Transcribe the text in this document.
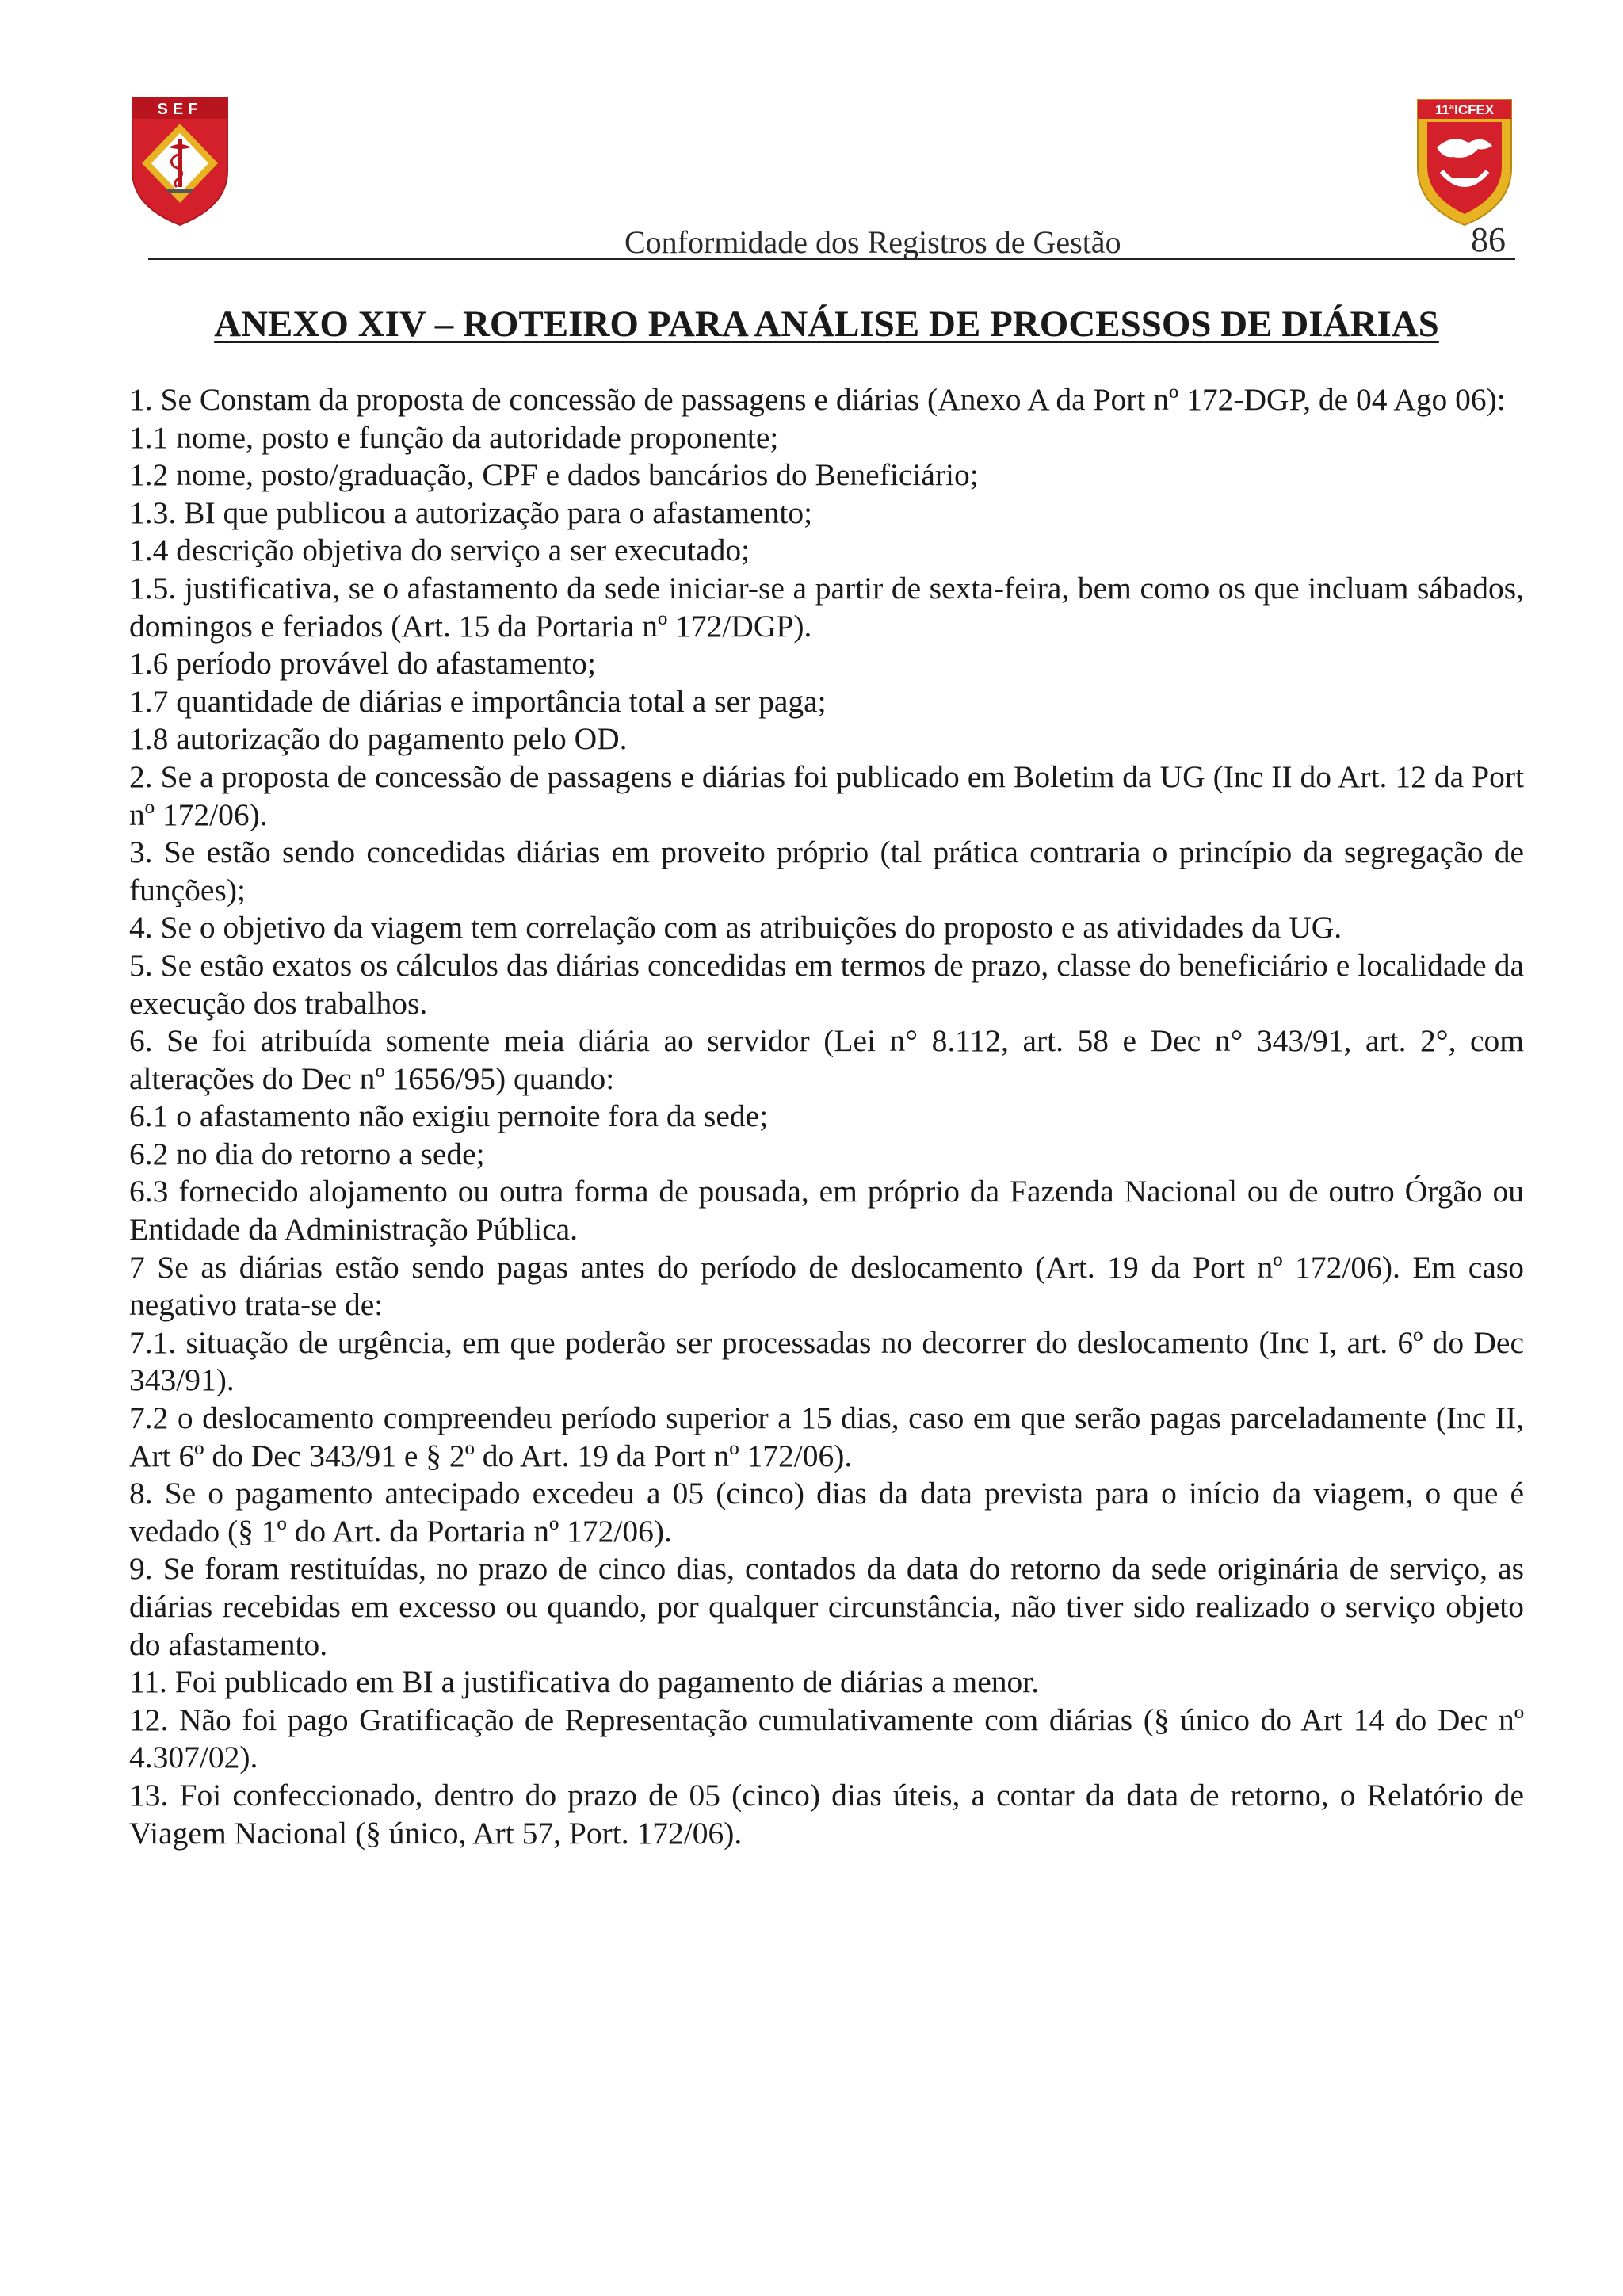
SEF	11ªICFEX
Conformidade dos Registros de Gestão	86
ANEXO XIV – ROTEIRO PARA ANÁLISE DE PROCESSOS DE DIÁRIAS

1. Se Constam da proposta de concessão de passagens e diárias (Anexo A da Port nº 172-DGP, de 04 Ago 06):

1.1 nome, posto e função da autoridade proponente;

1.2 nome, posto/graduação, CPF e dados bancários do Beneficiário;

1.3. BI que publicou a autorização para o afastamento;

1.4 descrição objetiva do serviço a ser executado;

1.5. justificativa, se o afastamento da sede iniciar-se a partir de sexta-feira, bem como os que incluam sábados, domingos e feriados (Art. 15 da Portaria nº 172/DGP).

1.6 período provável do afastamento;

1.7 quantidade de diárias e importância total a ser paga;

1.8 autorização do pagamento pelo OD.

2. Se a proposta de concessão de passagens e diárias foi publicado em Boletim da UG (Inc II do Art. 12 da Port nº 172/06).

3. Se estão sendo concedidas diárias em proveito próprio (tal prática contraria o princípio da segregação de funções);

4. Se o objetivo da viagem tem correlação com as atribuições do proposto e as atividades da UG.

5. Se estão exatos os cálculos das diárias concedidas em termos de prazo, classe do beneficiário e localidade da execução dos trabalhos.

6. Se foi atribuída somente meia diária ao servidor (Lei n° 8.112, art. 58 e Dec n° 343/91, art. 2°, com alterações do Dec nº 1656/95) quando:

6.1 o afastamento não exigiu pernoite fora da sede;

6.2 no dia do retorno a sede;

6.3 fornecido alojamento ou outra forma de pousada, em próprio da Fazenda Nacional ou de outro Órgão ou Entidade da Administração Pública.

7 Se as diárias estão sendo pagas antes do período de deslocamento (Art. 19 da Port nº 172/06). Em caso negativo trata-se de:

7.1. situação de urgência, em que poderão ser processadas no decorrer do deslocamento (Inc I, art. 6º do Dec 343/91).

7.2 o deslocamento compreendeu período superior a 15 dias, caso em que serão pagas parceladamente (Inc II, Art 6º do Dec 343/91 e § 2º do Art. 19 da Port nº 172/06).

8. Se o pagamento antecipado excedeu a 05 (cinco) dias da data prevista para o início da viagem, o que é vedado (§ 1º do Art. da Portaria nº 172/06).

9. Se foram restituídas, no prazo de cinco dias, contados da data do retorno da sede originária de serviço, as diárias recebidas em excesso ou quando, por qualquer circunstância, não tiver sido realizado o serviço objeto do afastamento.

11. Foi publicado em BI a justificativa do pagamento de diárias a menor.

12. Não foi pago Gratificação de Representação cumulativamente com diárias (§ único do Art 14 do Dec nº 4.307/02).

13. Foi confeccionado, dentro do prazo de 05 (cinco) dias úteis, a contar da data de retorno, o Relatório de Viagem Nacional (§ único, Art 57, Port. 172/06).
